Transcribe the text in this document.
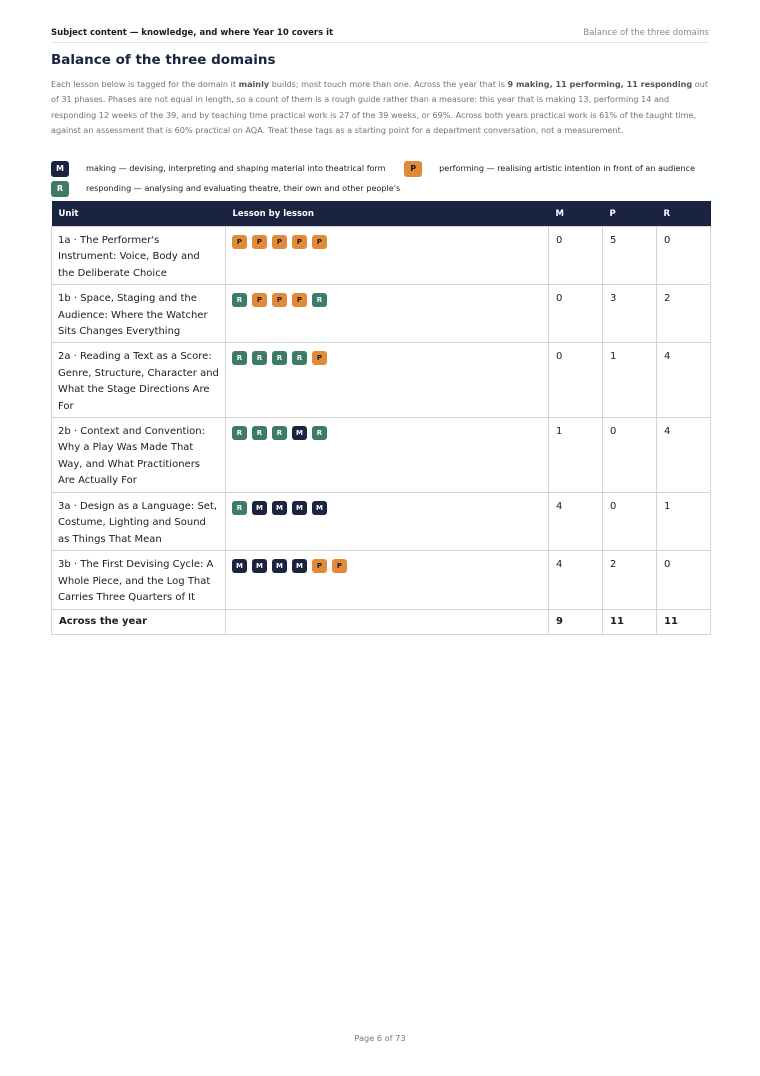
Subject content — knowledge, and where Year 10 covers it	Balance of the three domains
Balance of the three domains

Each lesson below is tagged for the domain it mainly builds; most touch more than one. Across the year that is 9 making, 11 performing, 11 responding out of 31 phases. Phases are not equal in length, so a count of them is a rough guide rather than a measure: this year that is making 13, performing 14 and responding 12 weeks of the 39, and by teaching time practical work is 27 of the 39 weeks, or 69%. Across both years practical work is 61% of the taught time, against an assessment that is 60% practical on AQA. Treat these tags as a starting point for a department conversation, not a measurement.

M	making — devising, interpreting and shaping material into theatrical form	P	performing — realising artistic intention in front of an audience R	responding — analysing and evaluating theatre, their own and other people's
Unit	Lesson by lesson	M	P	R
1a · The Performer's Instrument: Voice, Body and the Deliberate Choice	P P P P P	0	5	0
1b · Space, Staging and the Audience: Where the Watcher Sits Changes Everything	R P P P R	0	3	2
2a · Reading a Text as a Score: Genre, Structure, Character and What the Stage Directions Are For	R R R R P	0	1	4
2b · Context and Convention: Why a Play Was Made That Way, and What Practitioners Are Actually For	R R R M R	1	0	4
3a · Design as a Language: Set, Costume, Lighting and Sound as Things That Mean	R M M M M	4	0	1
3b · The First Devising Cycle: A Whole Piece, and the Log That Carries Three Quarters of It	M M M M P P	4	2	0
Across the year		9	11	11
Page 6 of 73
